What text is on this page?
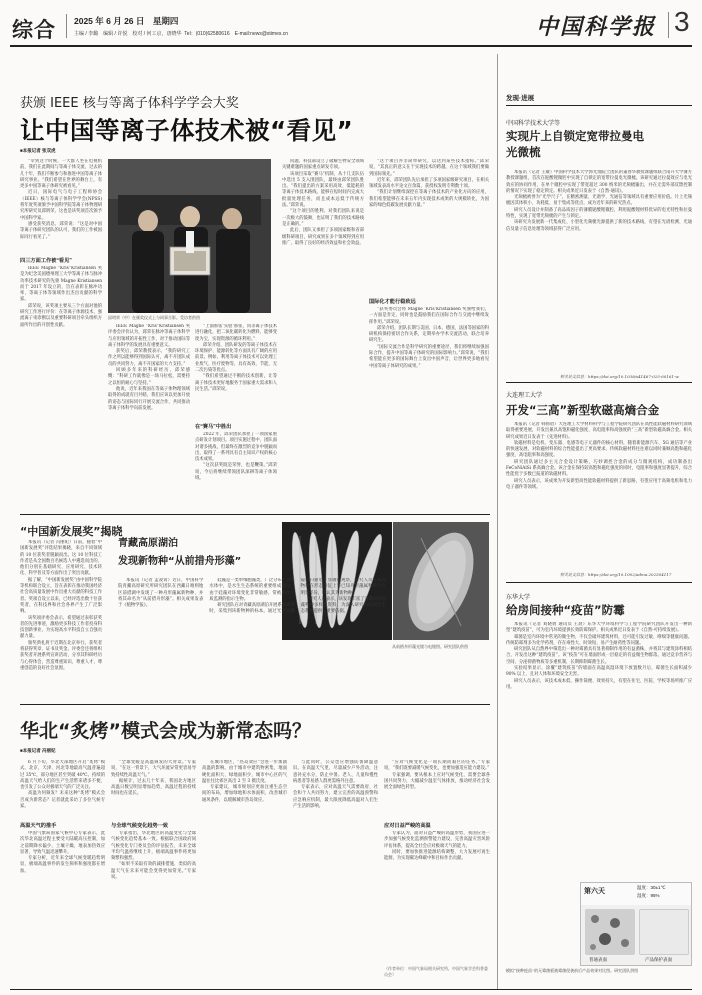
综合 2025 年 6 月 26 日　星期四
主编 / 李璐　编辑 / 许悦　校对 / 何工京，唐晓华 Tel：(010)62580616　E-mail:news@stimes.cn	中国科学报 3
获颁 IEEE 核与等离子体科学学会大奖
让中国等离子体技术被“看见”
■本报记者 张双虎

“幸到这个时候，一大群人坐在电视机前，我们在此期间与等离子体交流，过去的几十年，我们不断参与和推进中国等离子体研究事业。“我们希望在世界的舞台上，有更多中国等离子体研究被看见。”

近日，国际电气与电子工程师协会（IEEE）核与等离子体科学学会(NPSS)将年度奖项颁予中国科学院等离子体物理研究所研究员邱明荣，这也是该奖项首次颁予中国科学家。

感受获奖消息，邱荣说：“这是对中国等离子体研究团队的认可，我们的工作被国际同行看见了。”

四三方面工作被“看见”

IEEE Magne “Kris”Kristiansen 奖是为纪念美国德州理工大学等离子体与脉冲功率技术研究的先驱 Magne Kristiansen 而于 2017 年设立的，旨在表彰在脉冲功率、等离子体等领域作出杰出贡献的科学家。

邱荣说，该奖项主要从三个方面对他的研究工作进行评价：在等离子体源技术、强流离子束诊断以及重要科研项目牵头组织方面所作出的开创性贡献。	IEEE Magne “Kris”Kristiansen 奖评委会评价认为，邱荣在脉冲等离子体科学与应用领域的开拓性工作，对于推动国际等离子体科学的发展具有重要意义。

获奖后，邱荣教授表示，“我的研究工作之所以能够得到国际认可，离不开团队成员的共同努力，离不开国家的大力支持。”

回顾多年来的科研经历，邱荣感慨：“科研工作就像是一场马拉松，需要持之以恒的耐心与坚持。”

他说，近年来我国在等离子体物理领域取得的成就有目共睹，我们应该以更加开放的姿态与国际同行开展交流合作，共同推动等离子体科学向前发展。

邱明荣（中）在颁奖仪式上与同事合影。受访者供图

“上面那张‘实验’那张，问等离子体技术进行融化，把二氧化碳转化为燃料，能够变废为宝，实现资源的循环利用。”

邱荣介绍，团队研发的等离子体技术在环境保护、能源转化等方面具有广阔的应用前景。例如，利用等离子体技术可以处理工业废气、医疗废物等，具有高效、节能、无二次污染等优点。

“我们希望通过不断的技术创新，让等离子体技术更好地服务于国家重大需求和人民生活。”邱荣说。

在“赛马”中胜出

2022 年，邱荣团队承担了一项国家重点研发计划项目。项目实施过程中，团队面对诸多挑战，但最终在激烈的竞争中脱颖而出，取得了一系列具有自主知识产权的核心技术成果。

“这次获奖既是荣誉，也是鞭策。”邱荣说，今后将继续带领团队深耕等离子体领域。

问题，科技部设立了破解生物安全领域关键难题的国家重点研发专项。

该项目采取“赛马”机制，从十几支队伍中选出 5 支入围团队，最终由邱荣团队胜出。“我们提出的方案采用高效、低能耗的等离子体技术路线，能够在短时间内完成大批量处理任务，而且成本远低于传统方法。”邱荣说。

“这个项目的胜利，对我们团队来说是一次极大的鼓舞，也证明了我们的技术路线是正确的。”

此后，团队又承担了多项国家级和省部级科研项目，研究成果在多个领域得到应用推广，取得了良好的经济效益和社会效益。

“这个项目并非简单研究，以达到某些技术指标。”邱荣说，“其真正的意义在于实现技术的跨越，在这个领域我们要做到国际领先。”

近年来，邱荣团队先后承担了多项国家级研究项目，在相关领域发表高水平论文百余篇，获授权发明专利数十项。

“我们计划继续深挖在等离子体技术的产业化方向的应用，我们希望能够在未来五年内实现技术成果的大规模转化，为国家的绿色低碳发展贡献力量。”

国际化才能行稳致远

“获奖委员会将 Magne ‘Kris’Kristiansen 奖颁给我们，一方面是肯定，同时也是鼓励我们在国际合作与交流中继续发挥作用。”邱荣说。

邱荣介绍，团队长期与美国、日本、德国、法国等国家的科研机构保持密切合作关系，定期举办学术交流活动，联合培养研究生。

“国际交流合作是科学研究的重要途径，我们将继续加强国际合作，提升中国等离子体研究的国际影响力。”邱荣说，“我们希望能在更多的国际舞台上发出中国声音，让世界更多地看见中国等离子体研究的成果。”

“中国新发展奖”揭晓

本报讯（记者 冯丽妃）日前，随着“中国新发展奖”评选结果揭晓，来自不同领域的 10 位获奖者脱颖而出。这 10 位科技工作者是从全国数百名候选人中遴选而出的，他们分别在基础研究、应用研究、技术转化、科学普及等方面作出了突出贡献。

据了解，“中国新发展奖”由中国科学院等机构联合设立，旨在表彰在推动我国经济社会高质量发展中作出重大贡献的科技工作者。奖项自设立以来，已经评选出数十位获奖者，在科技界和社会各界产生了广泛影响。

该奖项评委会表示，希望通过表彰获奖者的先进事迹，激励更多科技工作者投身科技创新事业，为实现高水平科技自立自强贡献力量。

颁奖典礼将于近期在北京举行。获奖者将获得奖章、证书及奖金。评委会还将组织获奖者开展系列宣讲活动，分享其科研经历与心得体会，营造尊重知识、尊重人才、尊重创造的良好社会氛围。

青藏高原湖泊
发现新物种“从前措舟形藻”

本报讯（记者 孟凌霄）近日，中国科学院青藏高原研究所研究团队在西藏日喀则地区前措湖中发现了一种舟形藻属新物种，并将其命名为“从前措舟形藻”。相关成果发表于《植物学报》。

硅藻是一类单细胞藻类，广泛分布于各类水体中，是水生生态系统的重要组成部分。由于硅藻对环境变化非常敏感，常被用作水质监测的指示生物。

研究团队在对青藏高原湖泊开展系统调查时，采集到该新物种的标本。通过光学显微镜和扫描电子显微镜观察，研究人员发现该物种在形态特征上与已知舟形藻属物种存在明显差异，确认其为新物种。

研究人员表示，该发现丰富了青藏高原硅藻物种多样性资料，为深入研究高原湖泊生态系统提供了重要依据。

从前措舟形藻光镜与电镜图。研究团队供图
华北“炙烤”模式会成为新常态吗？
■本报记者 冯丽妃

6 月下旬，华北大部地区开启“炙烤”模式。北京、天津、河北等地最高气温普遍超过 35℃，部分地区甚至突破 40℃。持续的高温天气给人们的生产生活带来诸多不便，也引发了公众对极端天气的广泛关注。

高温为何频发？未来这种“炙烤”模式会否成为新常态？记者就此采访了多位气候专家。

高温天气的推手

中国气象局国家气候中心专家表示，此次华北高温过程主要受大陆暖高压控制，加之前期降水偏少，土壤干燥，地表加热效应显著，导致气温迅速攀升。

专家分析，近年来全球气候变暖趋势明显，极端高温事件的发生频率和强度都在增加。

“全球变暖是高温频发的大背景。”专家说，“在这一背景下，大气环流异常更容易导致持续性高温天气。”

据统计，过去几十年来，我国北方地区高温日数呈明显增加趋势，高温过程的持续时间也在延长。

与全球气候变化趋势一致

专家指出，华北地区的高温变化与全球气候变化趋势基本一致。根据联合国政府间气候变化专门委员会的评估报告，未来全球平均气温将继续上升，极端高温事件将更加频繁和强烈。

“如果不采取有效的减排措施，类似的高温天气在未来可能会变得更加常见。”专家说。

在城市地区，“热岛效应”会进一步加剧高温的影响。由于城市中建筑物密集、地面硬化面积大、绿地面积少，城市中心区的气温往往比郊区高出 2 至 3 摄氏度。

专家建议，城市规划应更加注重生态空间的布局，增加绿地和水体面积，改善城市通风条件，以缓解城市热岛效应。

与此同时，公众也应增强防暑降温意识。在高温天气里，尽量减少户外活动，注意补充水分，防止中暑。老人、儿童和慢性病患者等易感人群更需格外注意。

专家表示，应对高温天气需要政府、社会和个人共同努力，建立完善的高温预警和应急响应机制，最大限度降低高温对人们生产生活的影响。

“应对气候变化是一项长期而艰巨的任务。”专家说，“我们既要减缓气候变化，也要加强适应能力建设。”

专家强调，要从根本上应对气候变化，需要全球各国共同努力，大幅减少温室气体排放，推动经济社会发展全面绿色转型。

应对日益严峻的高温

专家认为，面对日益严峻的高温形势，我国应进一步加强气候变化监测预警能力建设，完善高温灾害风险评估体系，提高全社会应对极端天气的能力。

同时，要加快推进能源结构调整，大力发展可再生能源，为实现碳达峰碳中和目标作出贡献。

（作者单位：中国气象局相关研究所，中国气象学会科普委员会）
发现·进展
中国科学技术大学等
实现片上自锁定宽带拉曼电光微梳

本报讯（记者 王敏）中国科学技术大学郭光灿院士团队的董春华教授课题组联合南开大学薄方教授课题组，首次在铌酸锂微腔中实现了自锁定的宽带拉曼电光微梳。该研究通过拉曼效应与电光效应的协同作用，在单个微腔中实现了带宽超过 300 纳米的光频梳输出，并在无需外部反馈控制的情况下实现了稳定锁定。相关成果近日发表于《自然-通讯》。

光频梳被誉为“光学尺子”，在精密测量、光谱学、光通信等领域具有重要应用价值。片上光频梳因其体积小、功耗低、易于集成等优点，成为近年来的研究热点。

研究人员设计并制备了高品质因子的薄膜铌酸锂微腔，利用铌酸锂材料优异的电光特性和拉曼特性，实现了宽带光频梳的产生与锁定。

该研究为发展新一代集成化、小型化光频梳光源提供了新的技术路线，有望在光谱检测、光通信及量子信息处理等领域获得广泛应用。

相关论文信息：https://doi.org/10.1038/s41467-025-60161-w
大连理工大学
开发“三高”新型软磁高熵合金

本报讯（记者 韩扬眉）大连理工大学材料科学与工程学院研究团队在高性能软磁材料研究领域取得重要进展，开发出兼具高饱和磁化强度、高电阻率和高强度的“三高”新型软磁高熵合金。相关研究成果近日发表于《先进材料》。

软磁材料是电机、变压器、电感等电子元器件的核心材料，随着新能源汽车、5G 通信等产业的快速发展，对软磁材料的综合性能提出了更高要求。传统软磁材料往往难以同时兼顾高饱和磁化强度、高电阻率和高强度。

研究团队通过多主元合金设计策略，巧妙调控合金的成分与微观结构，成功制备出 FeCoNiAlSi 系高熵合金。该合金在保持较高饱和磁化强度的同时，电阻率和强度显著提升，综合性能优于多数已报道的软磁材料。

研究人员表示，该成果为开发新型高性能软磁材料提供了新思路，有望应用于高频电机和电力电子器件等领域。

相关论文信息：https://doi.org/10.1002/adma.202504117
东华大学
给房间接种“疫苗”防霉

本报讯（记者 刘晓倩 通讯员 王晨）东华大学环境科学与工程学院研究团队开发出一种新型“建筑疫苗”，可为室内环境提供长效防霉保护。相关成果近日发表于《自然-可持续发展》。

霉菌是室内环境中常见的微生物，不仅会破坏建筑材料，还可能引发过敏、哮喘等健康问题。传统防霉剂多为化学药剂，存在毒性大、时效短、易产生耐药性等问题。

研究团队从自然界中筛选出一种对霉菌具有显著抑制作用的有益菌株，并将其与建筑涂料相结合，开发出这种“建筑疫苗”。该“疫苗”可在墙面形成一层稳定的有益微生物群落，通过竞争营养与空间、分泌抑菌物质等多重机制，长期抑制霉菌生长。

实验结果显示，涂覆“建筑疫苗”的墙面在高温高湿环境下放置数月后，霉菌生长面积减少 90% 以上，且对人体和环境安全无害。

研究人员表示，该技术成本低、操作简便、效果持久，有望在住宅、医院、学校等场所推广应用。

第六天
温度：30±1℃
湿度：95%
普通表面	产品保护表面
模拟“接种疫苗”的无霉菌板被霉菌侵袭前后产品效果对比图。研究团队供图
